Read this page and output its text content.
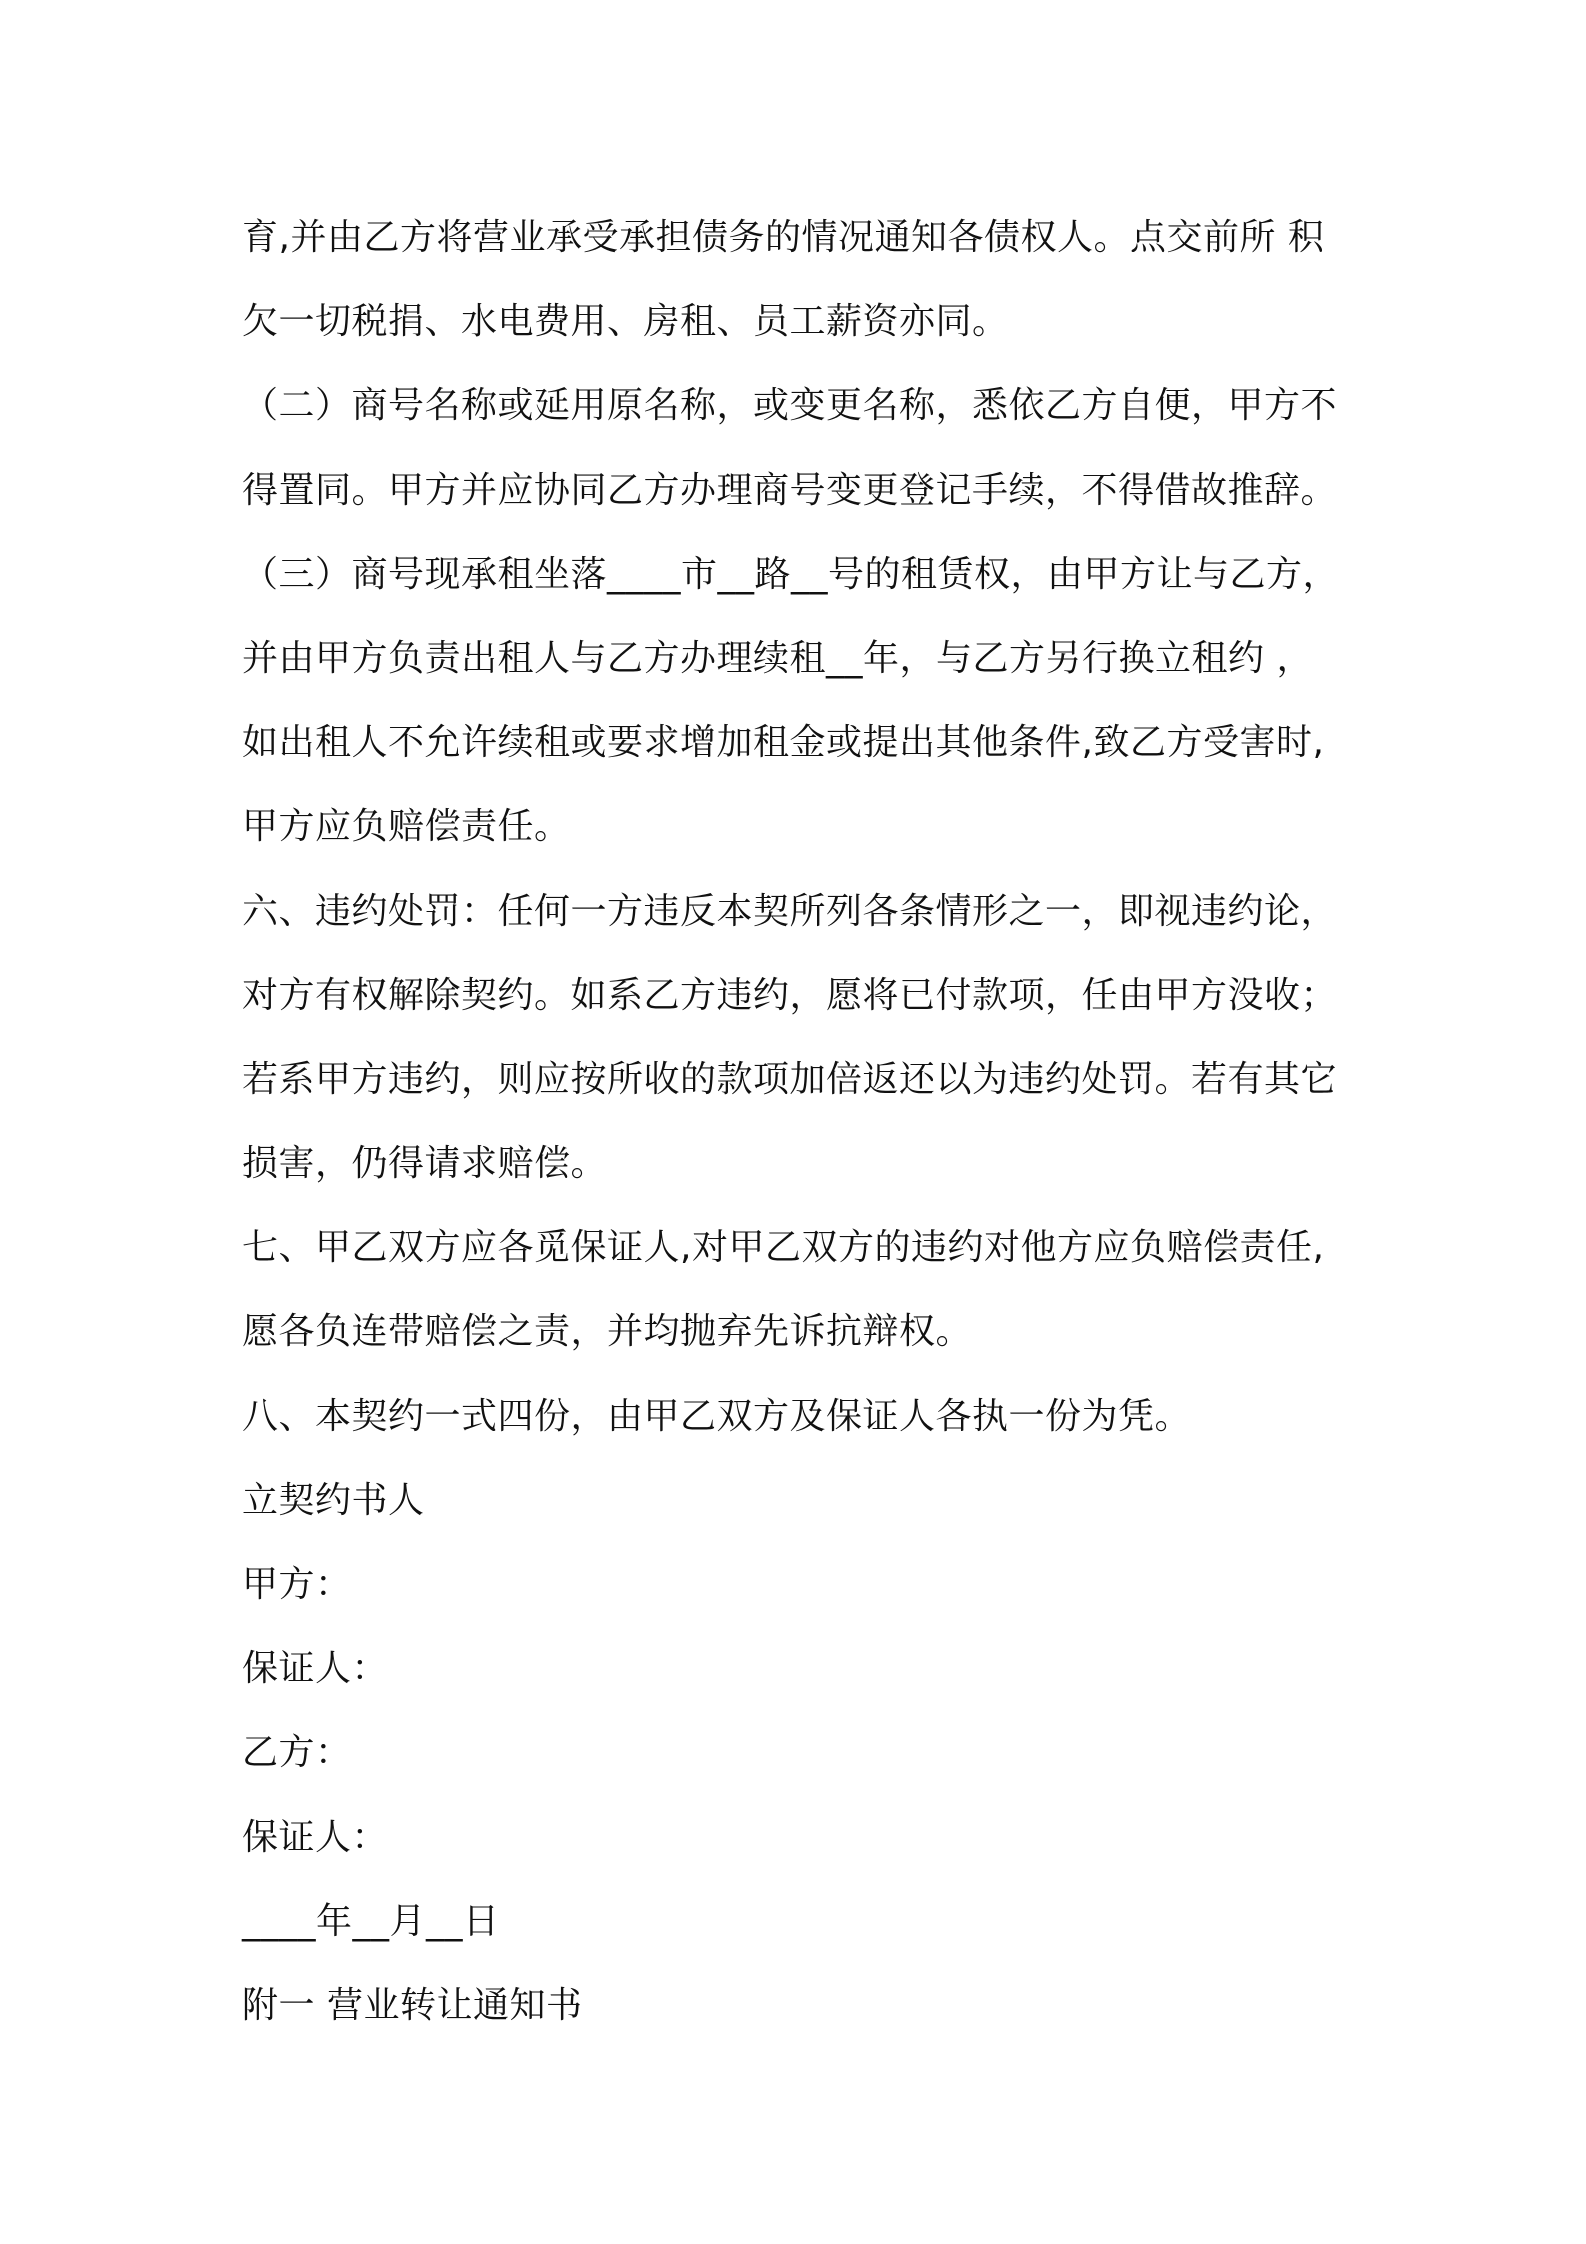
育,并由乙方将营业承受承担债务的情况通知各债权人。点交前所 积
欠一切税捐、水电费用、房租、员工薪资亦同。
（二）商号名称或延用原名称，或变更名称，悉依乙方自便，甲方不
得置同。甲方并应协同乙方办理商号变更登记手续，不得借故推辞。
（三）商号现承租坐落____市__路__号的租赁权，由甲方让与乙方，
并由甲方负责出租人与乙方办理续租__年，与乙方另行换立租约 ，
如出租人不允许续租或要求增加租金或提出其他条件,致乙方受害时,
甲方应负赔偿责任。
六、违约处罚：任何一方违反本契所列各条情形之一，即视违约论，
对方有权解除契约。如系乙方违约，愿将已付款项，任由甲方没收；
若系甲方违约，则应按所收的款项加倍返还以为违约处罚。若有其它
损害，仍得请求赔偿。
七、甲乙双方应各觅保证人,对甲乙双方的违约对他方应负赔偿责任,
愿各负连带赔偿之责，并均抛弃先诉抗辩权。
八、本契约一式四份，由甲乙双方及保证人各执一份为凭。
立契约书人
甲方：
保证人：
乙方：
保证人：
____年__月__日
附一 营业转让通知书
